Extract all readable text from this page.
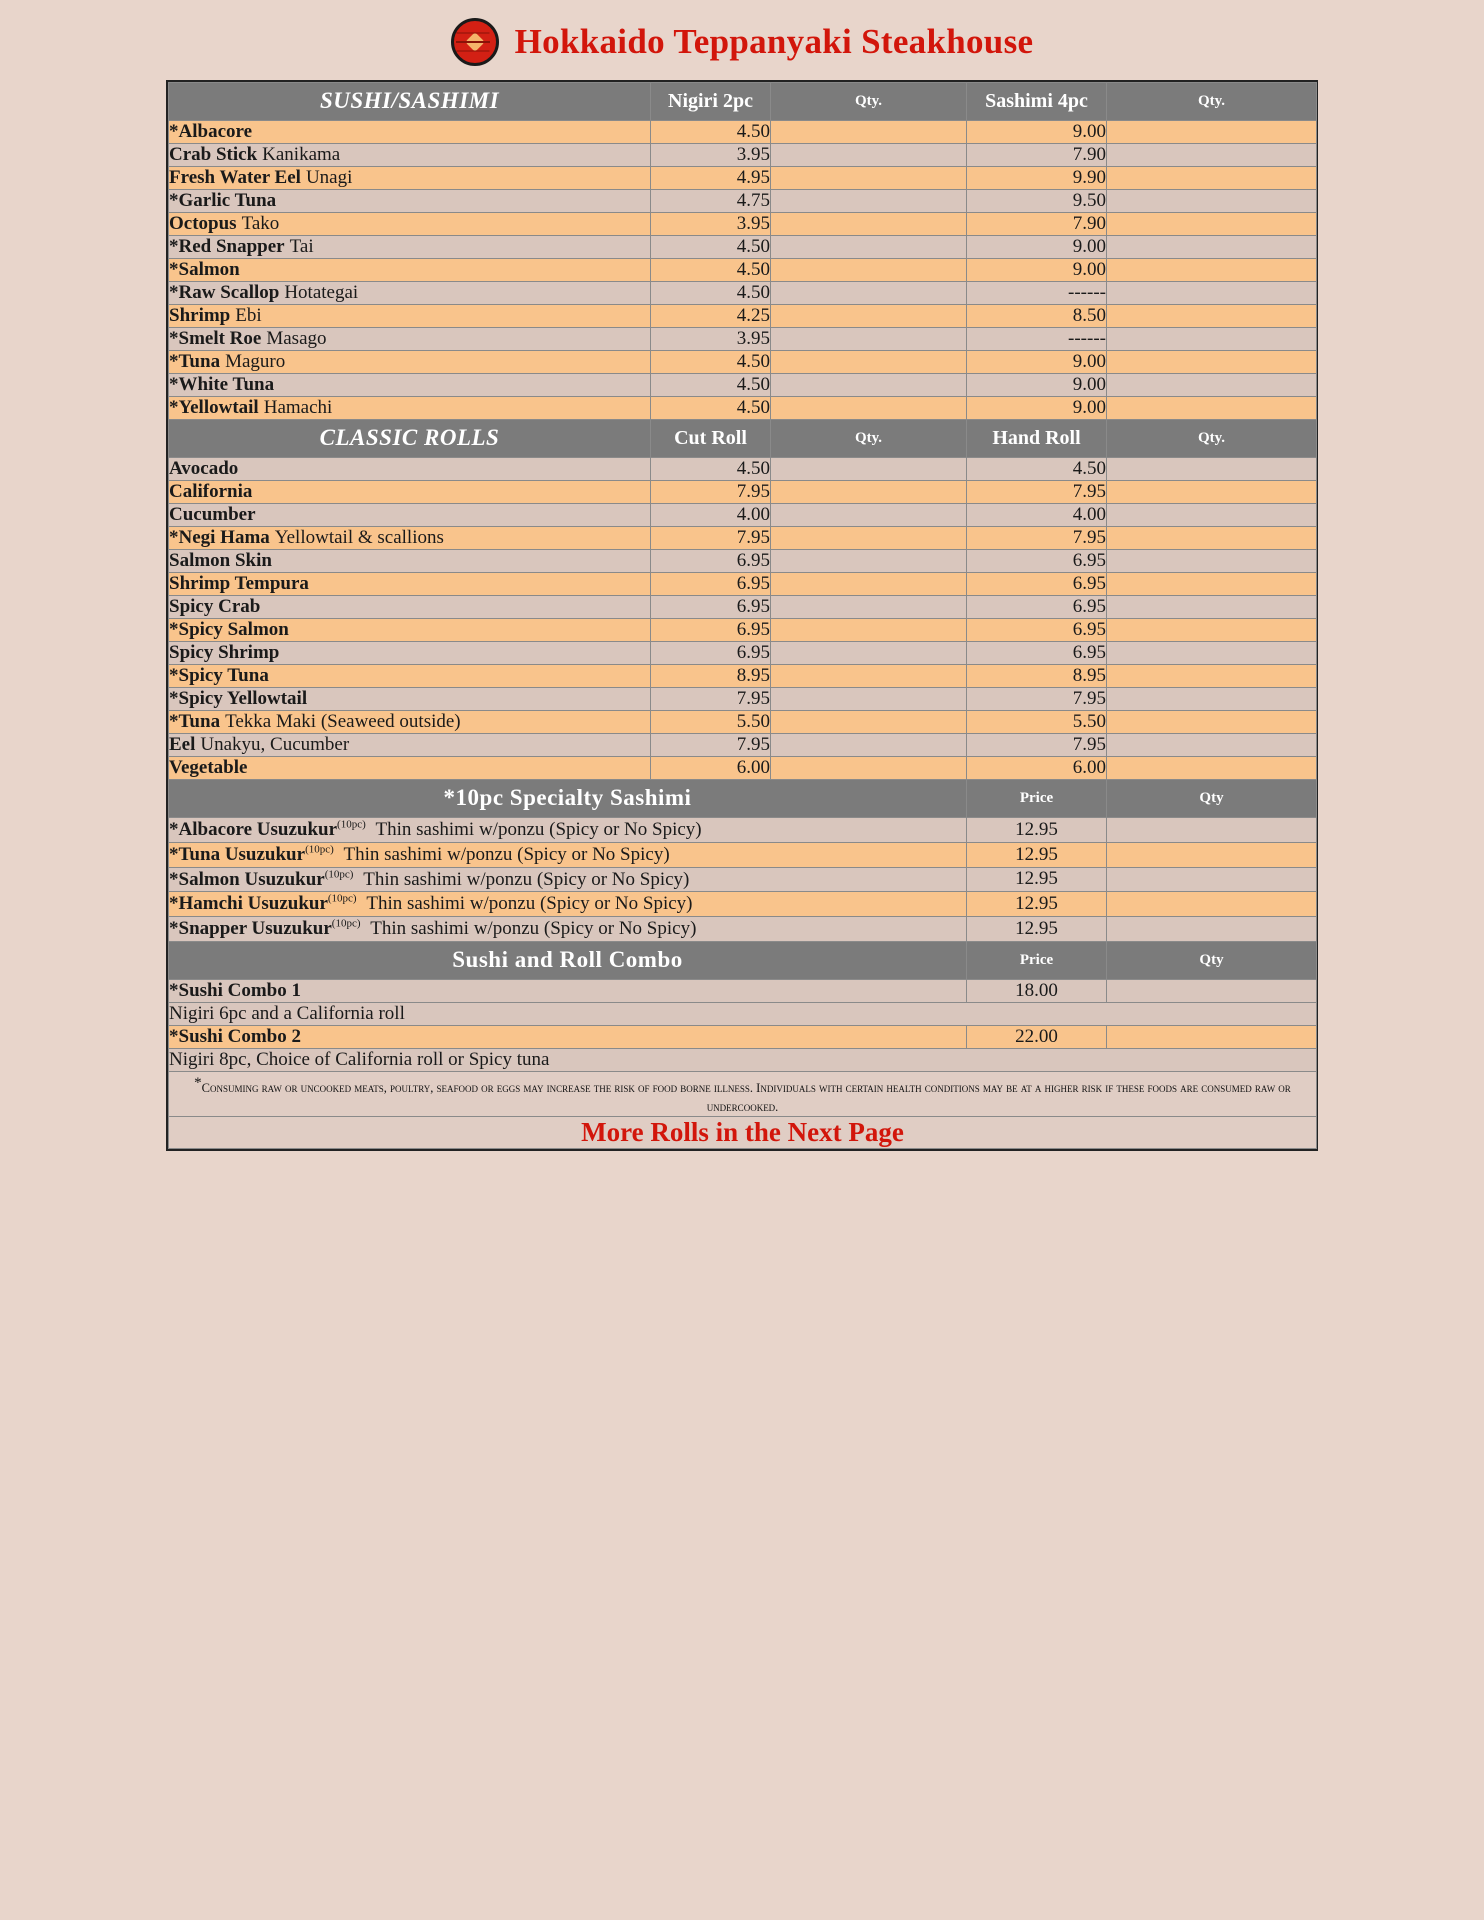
Hokkaido Teppanyaki Steakhouse
SUSHI/SASHIMI	Nigiri 2pc	Qty.	Sashimi 4pc	Qty.
*Albacore	4.50		9.00	
Crab Stick Kanikama	3.95		7.90	
Fresh Water Eel Unagi	4.95		9.90	
*Garlic Tuna	4.75		9.50	
Octopus Tako	3.95		7.90	
*Red Snapper Tai	4.50		9.00	
*Salmon	4.50		9.00	
*Raw Scallop Hotategai	4.50		------	
Shrimp Ebi	4.25		8.50	
*Smelt Roe Masago	3.95		------	
*Tuna Maguro	4.50		9.00	
*White Tuna	4.50		9.00	
*Yellowtail Hamachi	4.50		9.00	
CLASSIC ROLLS	Cut Roll	Qty.	Hand Roll	Qty.
Avocado	4.50		4.50	
California	7.95		7.95	
Cucumber	4.00		4.00	
*Negi Hama Yellowtail & scallions	7.95		7.95	
Salmon Skin	6.95		6.95	
Shrimp Tempura	6.95		6.95	
Spicy Crab	6.95		6.95	
*Spicy Salmon	6.95		6.95	
Spicy Shrimp	6.95		6.95	
*Spicy Tuna	8.95		8.95	
*Spicy Yellowtail	7.95		7.95	
*Tuna Tekka Maki (Seaweed outside)	5.50		5.50	
Eel Unakyu, Cucumber	7.95		7.95	
Vegetable	6.00		6.00	
*10pc Specialty Sashimi			Price	Qty
*Albacore Usuzukur$^{(10pc)}$ Thin sashimi w/ponzu (Spicy or No Spicy)			12.95	
*Tuna Usuzukur$^{(10pc)}$ Thin sashimi w/ponzu (Spicy or No Spicy)			12.95	
*Salmon Usuzukur$^{(10pc)}$ Thin sashimi w/ponzu (Spicy or No Spicy)			12.95	
*Hamchi Usuzukur$^{(10pc)}$ Thin sashimi w/ponzu (Spicy or No Spicy)			12.95	
*Snapper Usuzukur$^{(10pc)}$ Thin sashimi w/ponzu (Spicy or No Spicy)			12.95	
Sushi and Roll Combo			Price	Qty
*Sushi Combo 1			18.00	
Nigiri 6pc and a California roll				
*Sushi Combo 2			22.00	
Nigiri 8pc, Choice of California roll or Spicy tuna				
*Consuming raw or uncooked meats, poultry, seafood or eggs may increase the risk of food borne illness. Individuals with certain health conditions may be at a higher risk if these foods are consumed raw or undercooked.				
More Rolls in the Next Page				
